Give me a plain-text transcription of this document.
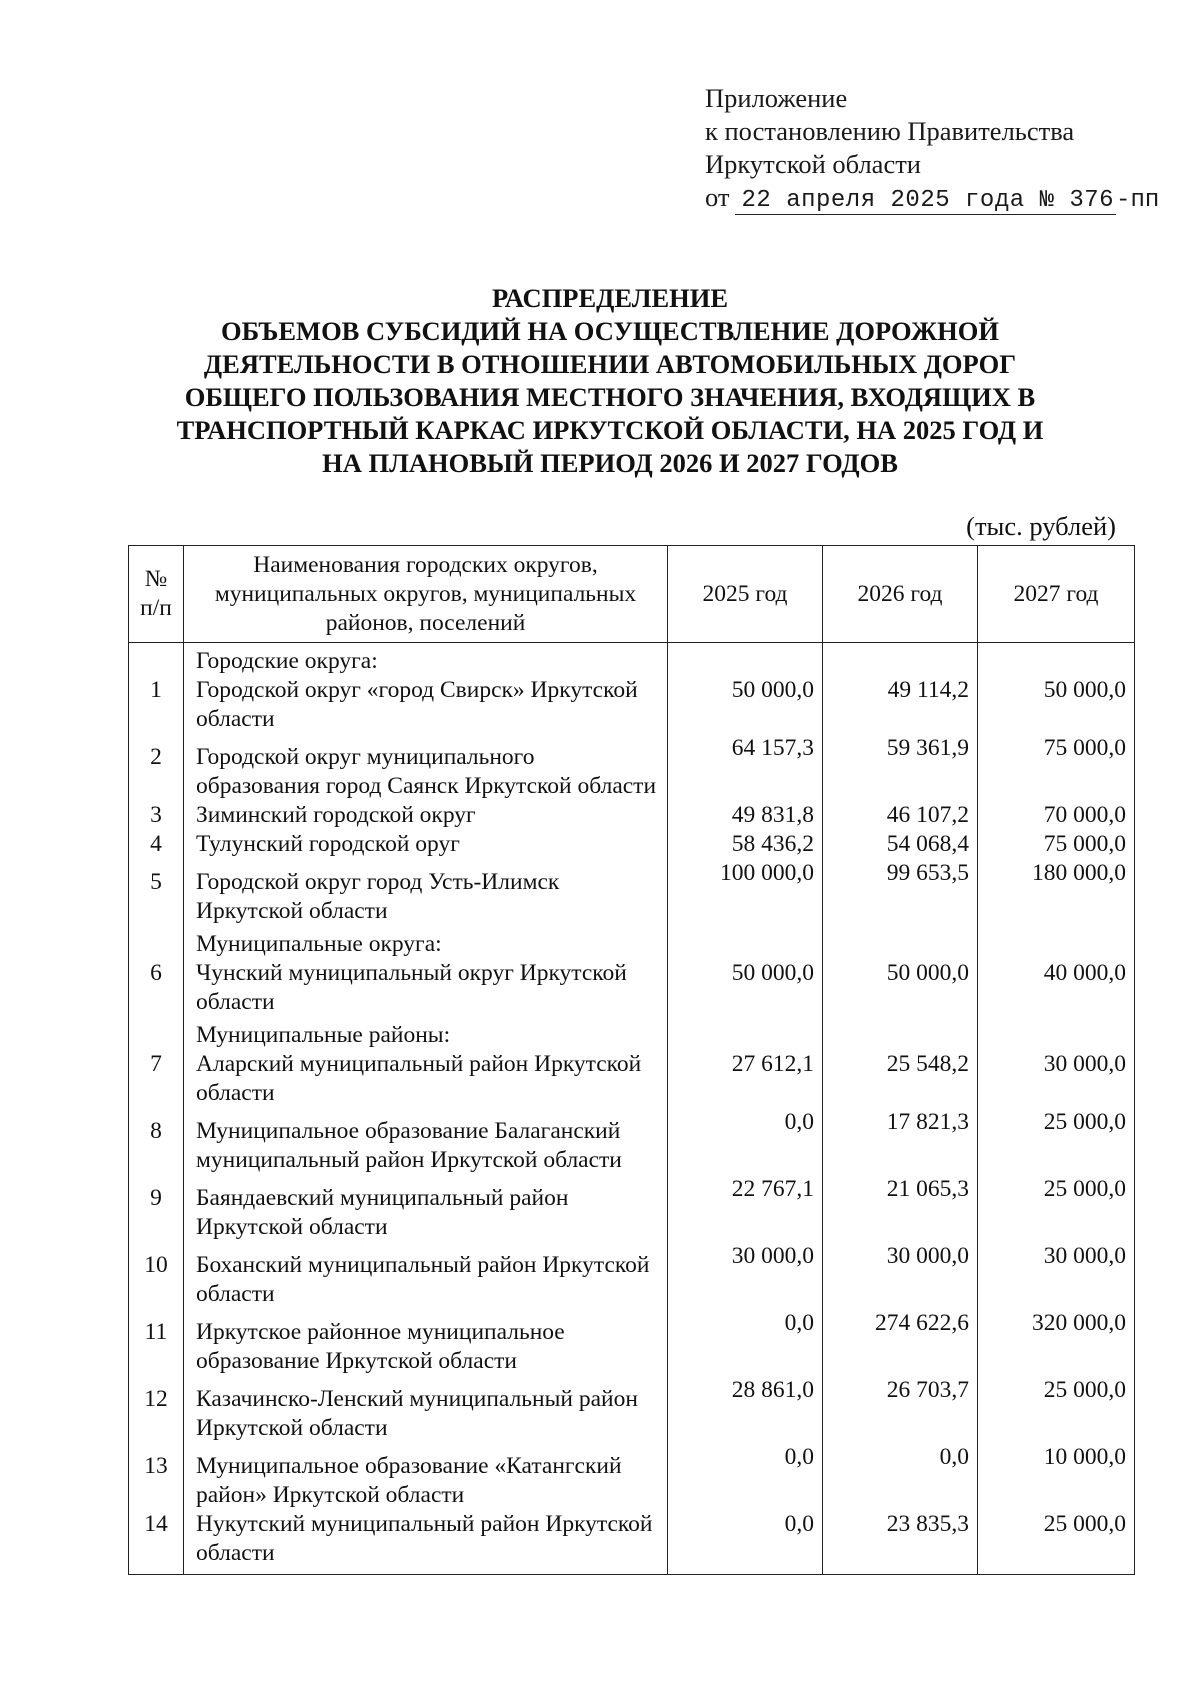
Приложение
к постановлению Правительства
Иркутской области
от 22 апреля 2025 года № 376-пп
РАСПРЕДЕЛЕНИЕ
ОБЪЕМОВ СУБСИДИЙ НА ОСУЩЕСТВЛЕНИЕ ДОРОЖНОЙ
ДЕЯТЕЛЬНОСТИ В ОТНОШЕНИИ АВТОМОБИЛЬНЫХ ДОРОГ
ОБЩЕГО ПОЛЬЗОВАНИЯ МЕСТНОГО ЗНАЧЕНИЯ, ВХОДЯЩИХ В
ТРАНСПОРТНЫЙ КАРКАС ИРКУТСКОЙ ОБЛАСТИ, НА 2025 ГОД И
НА ПЛАНОВЫЙ ПЕРИОД 2026 И 2027 ГОДОВ
(тыс. рублей)
№
п/п	Наименования городских округов, муниципальных округов, муниципальных районов, поселений	2025 год	2026 год	2027 год
	Городские округа:			
1	Городской округ «город Свирск» Иркутской области	50 000,0	49 114,2	50 000,0
2	Городской округ муниципального образования город Саянск Иркутской области	64 157,3	59 361,9	75 000,0
3	Зиминский городской округ	49 831,8	46 107,2	70 000,0
4	Тулунский городской оруг	58 436,2	54 068,4	75 000,0
5	Городской округ город Усть-Илимск Иркутской области	100 000,0	99 653,5	180 000,0
	Муниципальные округа:			
6	Чунский муниципальный округ Иркутской области	50 000,0	50 000,0	40 000,0
	Муниципальные районы:			
7	Аларский муниципальный район Иркутской области	27 612,1	25 548,2	30 000,0
8	Муниципальное образование Балаганский муниципальный район Иркутской области	0,0	17 821,3	25 000,0
9	Баяндаевский муниципальный район Иркутской области	22 767,1	21 065,3	25 000,0
10	Боханский муниципальный район Иркутской области	30 000,0	30 000,0	30 000,0
11	Иркутское районное муниципальное образование Иркутской области	0,0	274 622,6	320 000,0
12	Казачинско-Ленский муниципальный район Иркутской области	28 861,0	26 703,7	25 000,0
13	Муниципальное образование «Катангский район» Иркутской области	0,0	0,0	10 000,0
14	Нукутский муниципальный район Иркутской области	0,0	23 835,3	25 000,0
